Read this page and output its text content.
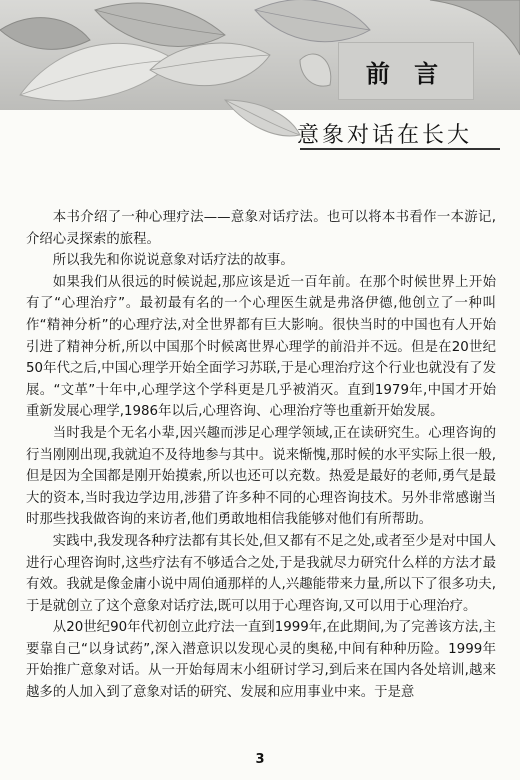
前 言
意象对话在长大

本书介绍了一种心理疗法——意象对话疗法。也可以将本书看作一本游记,介绍心灵探索的旅程。

所以我先和你说说意象对话疗法的故事。

如果我们从很远的时候说起,那应该是近一百年前。在那个时候世界上开始有了“心理治疗”。最初最有名的一个心理医生就是弗洛伊德,他创立了一种叫作“精神分析”的心理疗法,对全世界都有巨大影响。很快当时的中国也有人开始引进了精神分析,所以中国那个时候离世界心理学的前沿并不远。但是在20世纪50年代之后,中国心理学开始全面学习苏联,于是心理治疗这个行业也就没有了发展。“文革”十年中,心理学这个学科更是几乎被消灭。直到1979年,中国才开始重新发展心理学,1986年以后,心理咨询、心理治疗等也重新开始发展。

当时我是个无名小辈,因兴趣而涉足心理学领域,正在读研究生。心理咨询的行当刚刚出现,我就迫不及待地参与其中。说来惭愧,那时候的水平实际上很一般,但是因为全国都是刚开始摸索,所以也还可以充数。热爱是最好的老师,勇气是最大的资本,当时我边学边用,涉猎了许多种不同的心理咨询技术。另外非常感谢当时那些找我做咨询的来访者,他们勇敢地相信我能够对他们有所帮助。

实践中,我发现各种疗法都有其长处,但又都有不足之处,或者至少是对中国人进行心理咨询时,这些疗法有不够适合之处,于是我就尽力研究什么样的方法才最有效。我就是像金庸小说中周伯通那样的人,兴趣能带来力量,所以下了很多功夫,于是就创立了这个意象对话疗法,既可以用于心理咨询,又可以用于心理治疗。

从20世纪90年代初创立此疗法一直到1999年,在此期间,为了完善该方法,主要靠自己“以身试药”,深入潜意识以发现心灵的奥秘,中间有种种历险。1999年开始推广意象对话。从一开始每周末小组研讨学习,到后来在国内各处培训,越来越多的人加入到了意象对话的研究、发展和应用事业中来。于是意

3
